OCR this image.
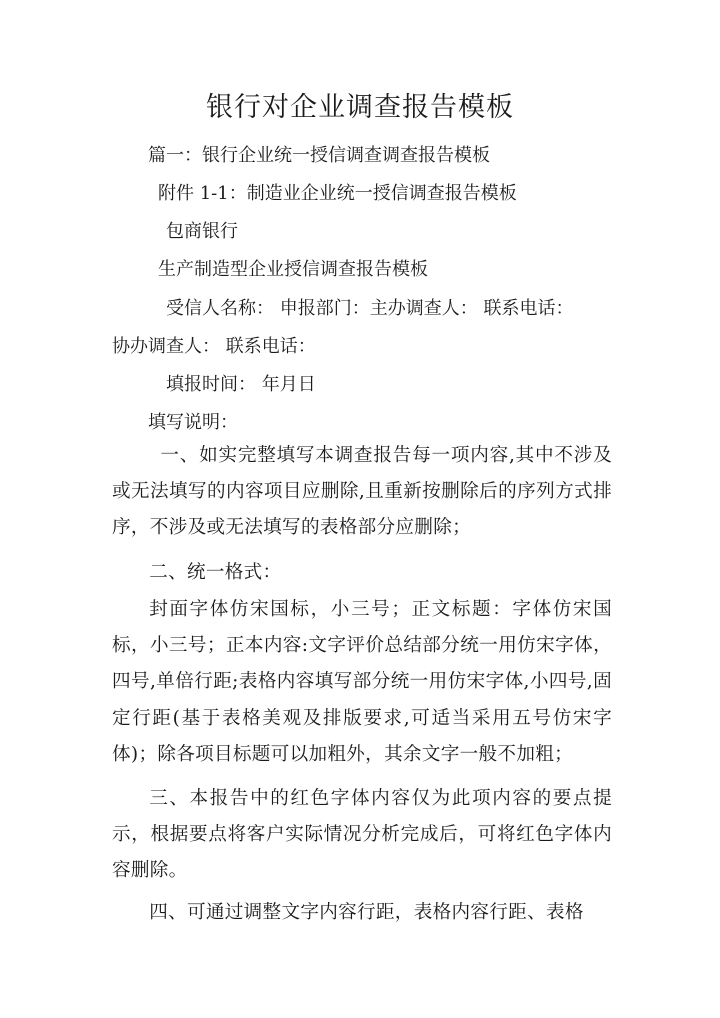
银行对企业调查报告模板

篇一：银行企业统一授信调查调查报告模板

附件 1-1：制造业企业统一授信调查报告模板

包商银行

生产制造型企业授信调查报告模板

受信人名称： 申报部门：主办调查人： 联系电话：

协办调查人： 联系电话：

填报时间： 年月日

填写说明：

一、如实完整填写本调查报告每一项内容,其中不涉及或无法填写的内容项目应删除,且重新按删除后的序列方式排序，不涉及或无法填写的表格部分应删除；

二、统一格式：

封面字体仿宋国标，小三号；正文标题：字体仿宋国标，小三号；正本内容:文字评价总结部分统一用仿宋字体，四号,单倍行距;表格内容填写部分统一用仿宋字体,小四号,固定行距(基于表格美观及排版要求,可适当采用五号仿宋字体)；除各项目标题可以加粗外，其余文字一般不加粗；

三、本报告中的红色字体内容仅为此项内容的要点提示，根据要点将客户实际情况分析完成后，可将红色字体内容删除。

四、可通过调整文字内容行距，表格内容行距、表格
